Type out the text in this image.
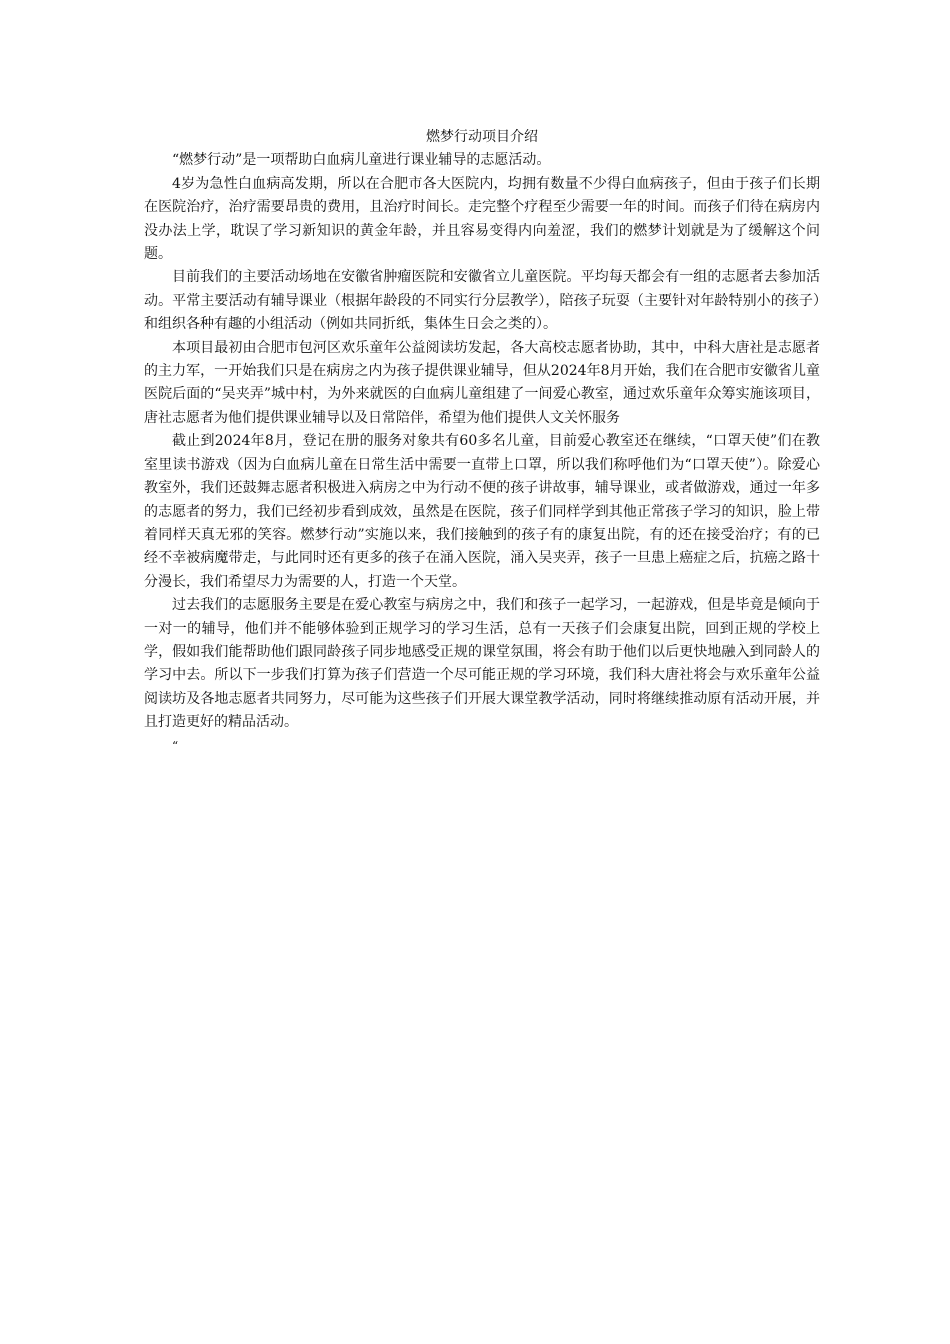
燃梦行动项目介绍

“燃梦行动”是一项帮助白血病儿童进行课业辅导的志愿活动。

4岁为急性白血病高发期，所以在合肥市各大医院内，均拥有数量不少得白血病孩子，但由于孩子们长期在医院治疗，治疗需要昂贵的费用，且治疗时间长。走完整个疗程至少需要一年的时间。而孩子们待在病房内没办法上学，耽误了学习新知识的黄金年龄，并且容易变得内向羞涩，我们的燃梦计划就是为了缓解这个问题。

目前我们的主要活动场地在安徽省肿瘤医院和安徽省立儿童医院。平均每天都会有一组的志愿者去参加活动。平常主要活动有辅导课业（根据年龄段的不同实行分层教学），陪孩子玩耍（主要针对年龄特别小的孩子）和组织各种有趣的小组活动（例如共同折纸，集体生日会之类的）。

本项目最初由合肥市包河区欢乐童年公益阅读坊发起，各大高校志愿者协助，其中，中科大唐社是志愿者的主力军，一开始我们只是在病房之内为孩子提供课业辅导，但从2024年8月开始，我们在合肥市安徽省儿童医院后面的“吴夹弄”城中村，为外来就医的白血病儿童组建了一间爱心教室，通过欢乐童年众筹实施该项目，唐社志愿者为他们提供课业辅导以及日常陪伴，希望为他们提供人文关怀服务

截止到2024年8月，登记在册的服务对象共有60多名儿童，目前爱心教室还在继续，“口罩天使”们在教室里读书游戏（因为白血病儿童在日常生活中需要一直带上口罩，所以我们称呼他们为“口罩天使”）。除爱心教室外，我们还鼓舞志愿者积极进入病房之中为行动不便的孩子讲故事，辅导课业，或者做游戏，通过一年多的志愿者的努力，我们已经初步看到成效，虽然是在医院，孩子们同样学到其他正常孩子学习的知识，脸上带着同样天真无邪的笑容。燃梦行动”实施以来，我们接触到的孩子有的康复出院，有的还在接受治疗；有的已经不幸被病魔带走，与此同时还有更多的孩子在涌入医院，涌入吴夹弄，孩子一旦患上癌症之后，抗癌之路十分漫长，我们希望尽力为需要的人，打造一个天堂。

过去我们的志愿服务主要是在爱心教室与病房之中，我们和孩子一起学习，一起游戏，但是毕竟是倾向于一对一的辅导，他们并不能够体验到正规学习的学习生活，总有一天孩子们会康复出院，回到正规的学校上学，假如我们能帮助他们跟同龄孩子同步地感受正规的课堂氛围，将会有助于他们以后更快地融入到同龄人的学习中去。所以下一步我们打算为孩子们营造一个尽可能正规的学习环境，我们科大唐社将会与欢乐童年公益阅读坊及各地志愿者共同努力，尽可能为这些孩子们开展大课堂教学活动，同时将继续推动原有活动开展，并且打造更好的精品活动。

“
